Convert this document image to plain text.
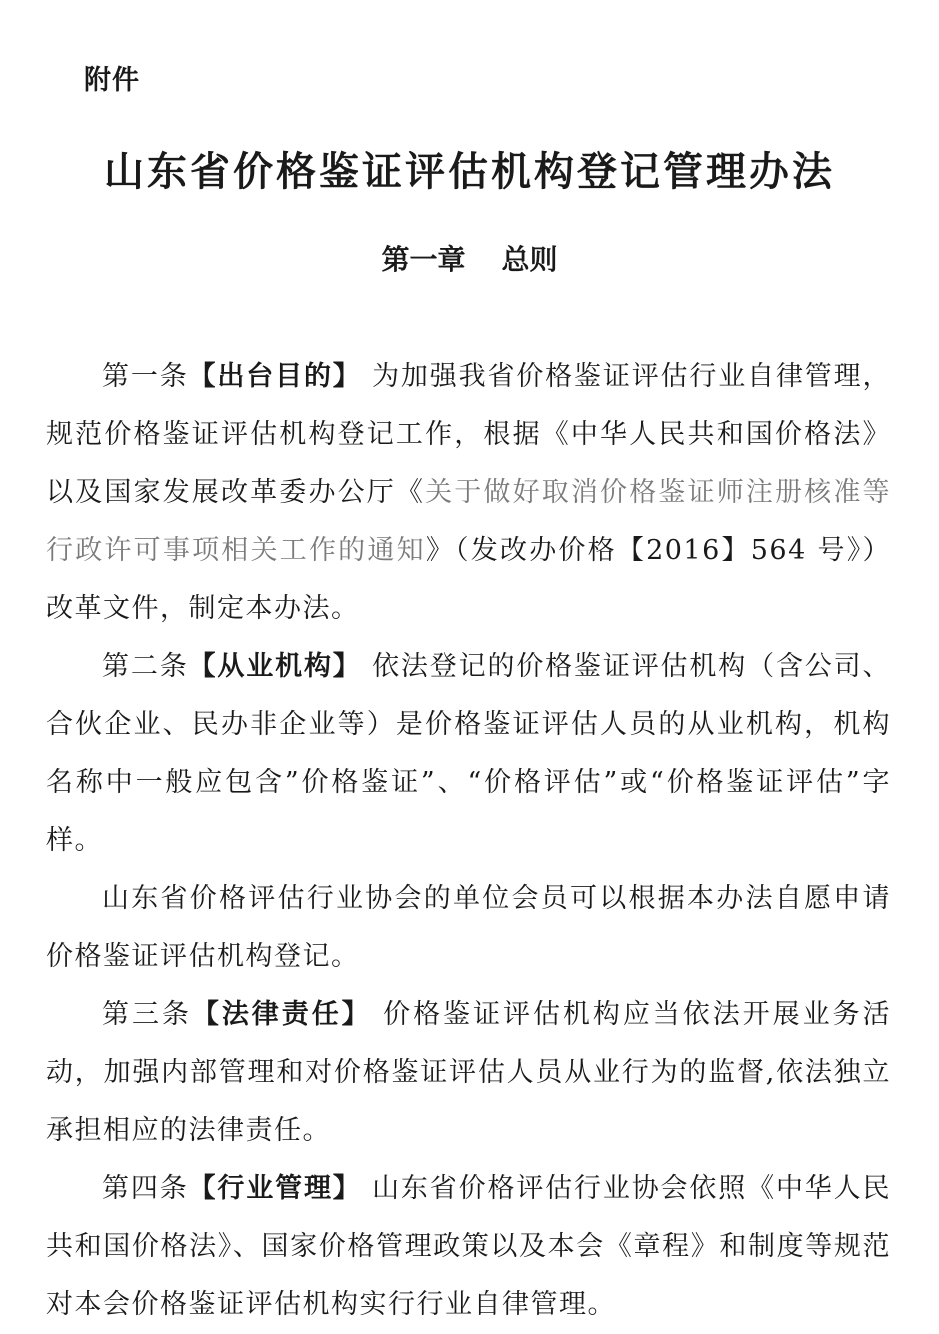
附件
山东省价格鉴证评估机构登记管理办法
第一章 总则

第一条【出台目的】 为加强我省价格鉴证评估行业自律管理，规范价格鉴证评估机构登记工作，根据《中华人民共和国价格法》以及国家发展改革委办公厅《关于做好取消价格鉴证师注册核准等行政许可事项相关工作的通知》（发改办价格【2016】564 号》）改革文件，制定本办法。

第二条【从业机构】 依法登记的价格鉴证评估机构（含公司、合伙企业、民办非企业等）是价格鉴证评估人员的从业机构，机构名称中一般应包含”价格鉴证”、“价格评估”或“价格鉴证评估”字样。

山东省价格评估行业协会的单位会员可以根据本办法自愿申请价格鉴证评估机构登记。

第三条【法律责任】 价格鉴证评估机构应当依法开展业务活动，加强内部管理和对价格鉴证评估人员从业行为的监督,依法独立承担相应的法律责任。

第四条【行业管理】 山东省价格评估行业协会依照《中华人民共和国价格法》、国家价格管理政策以及本会《章程》和制度等规范对本会价格鉴证评估机构实行行业自律管理。
